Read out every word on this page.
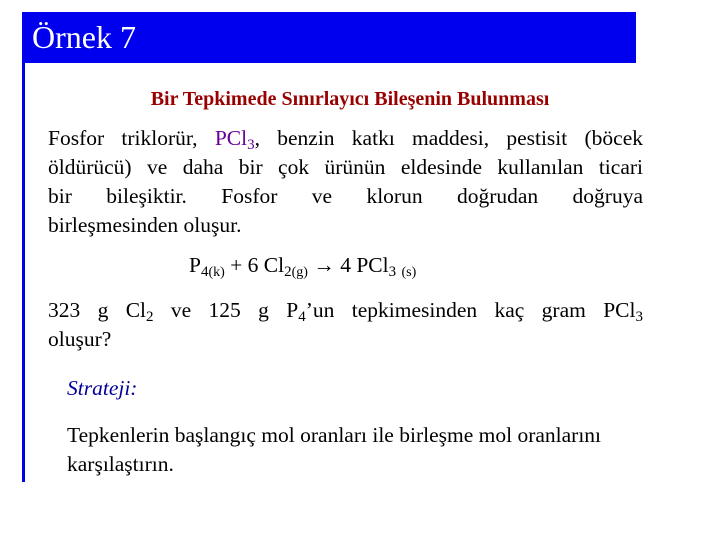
Örnek 7
Bir Tepkimede Sınırlayıcı Bileşenin Bulunması
Fosfor triklorür, PCl$_3$, benzin katkı maddesi, pestisit (böcek
öldürücü) ve daha bir çok ürünün eldesinde kullanılan ticari
bir bileşiktir. Fosfor ve klorun doğrudan doğruya
birleşmesinden oluşur.
$P_{4(k)} + 6$ $Cl_{2(g)} \to 4$ PCl$_3$ $_{(s)}$
323 g $Cl_2$ ve 125 g $P_4’un$ tepkimesinden kaç gram PCl$_3$
oluşur?
Strateji:
Tepkenlerin başlangıç mol oranları ile birleşme mol oranlarını
karşılaştırın.
